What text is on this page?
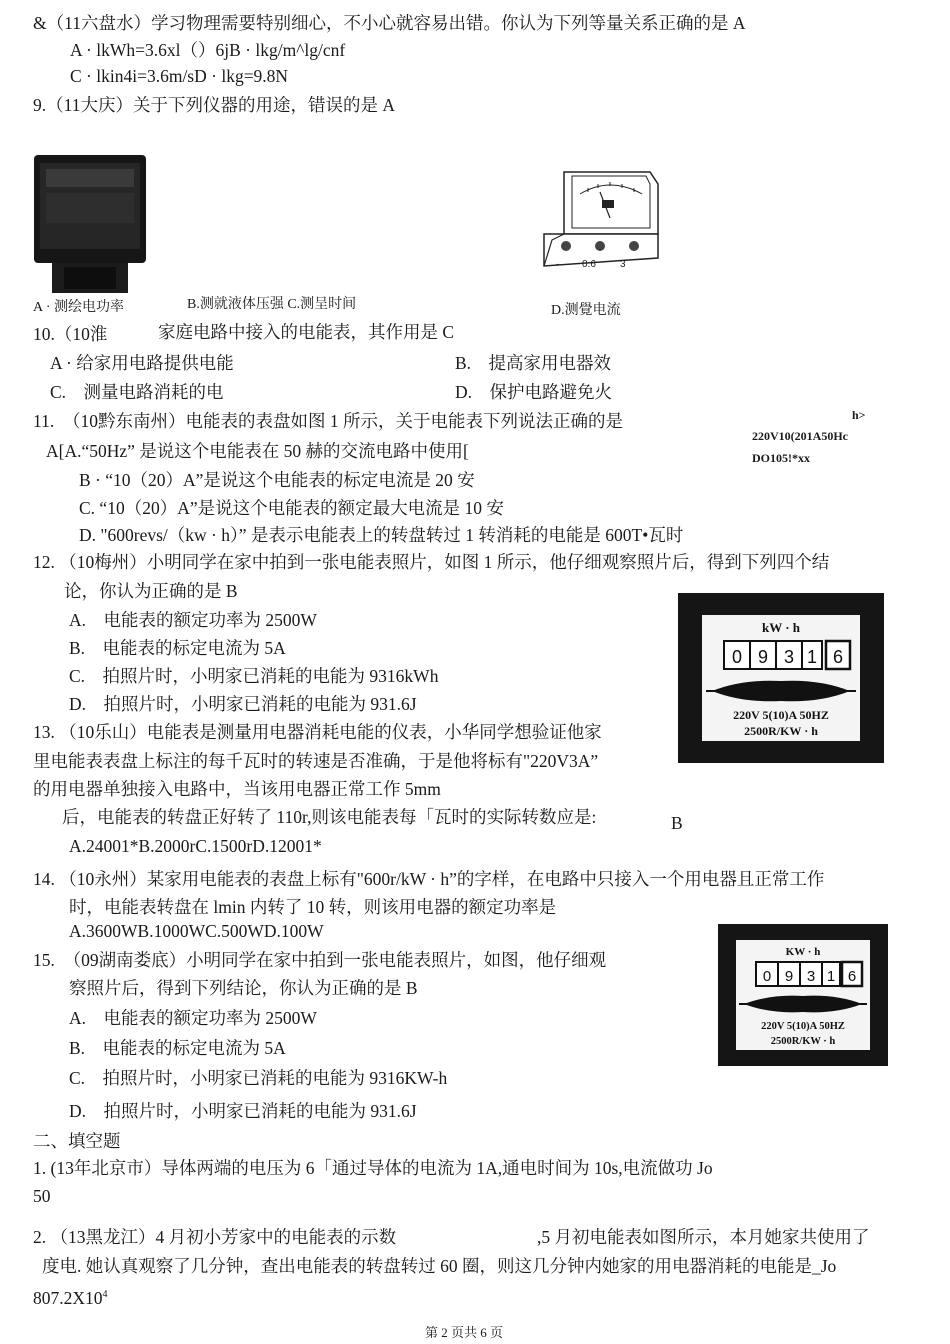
&（11六盘水）学习物理需要特别细心，不小心就容易出错。你认为下列等量关系正确的是 A
A · lkWh=3.6xl（）6jB · lkg/m^lg/cnf
C · lkin4i=3.6m/sD · lkg=9.8N
9.（11大庆）关于下列仪器的用途，错误的是 A
A · 测绘电功率	B.测就液体压强 C.测呈时间
- 0.6 3
D.测覺电流
10.（10淮	家庭电路中接入的电能表，其作用是 C
A · 给家用电路提供电能	B.　提高家用电器效
C.　测量电路消耗的电	D.　保护电路避免火
11.　（10黔东南州）电能表的表盘如图 1 所示，关于电能表下列说法正确的是	h>
220V10(201A50Hc
DO105!*xx
A[A.“50Hz” 是说这个电能表在 50 赫的交流电路中使用[
B · “10（20）A”是说这个电能表的标定电流是 20 安
C. “10（20）A”是说这个电能表的额定最大电流是 10 安
D. "600revs/（kw · h）” 是表示电能表上的转盘转过 1 转消耗的电能是 600T•瓦时
12. （10梅州）小明同学在家中拍到一张电能表照片，如图 1 所示，他仔细观察照片后，得到下列四个结
论，你认为正确的是 B
A.　电能表的额定功率为 2500W
B.　电能表的标定电流为 5A
C.　拍照片时，小明家已消耗的电能为 9316kWh
D.　拍照片时，小明家已消耗的电能为 931.6J
kW · h
0 9 3 1 6
220V 5(10)A 50HZ
2500R/KW · h
13. （10乐山）电能表是测量用电器消耗电能的仪表，小华同学想验证他家
里电能表表盘上标注的每千瓦时的转速是否准确，于是他将标有"220V3A”
的用电器单独接入电路中，当该用电器正常工作 5mm
后，电能表的转盘正好转了 110r,则该电能表每「瓦时的实际转数应是:	B
A.24001*B.2000rC.1500rD.12001*
14. （10永州）某家用电能表的表盘上标有"600r/kW · h”的字样，在电路中只接入一个用电器且正常工作
时，电能表转盘在 lmin 内转了 10 转，则该用电器的额定功率是
A.3600WB.1000WC.500WD.100W
15.　（09湖南娄底）小明同学在家中拍到一张电能表照片，如图，他仔细观
察照片后，得到下列结论，你认为正确的是 B
A.　电能表的额定功率为 2500W
B.　电能表的标定电流为 5A
C.　拍照片时，小明家已消耗的电能为 9316KW-h
D.　拍照片时，小明家已消耗的电能为 931.6J
KW · h
0 9 3 1 6
220V 5(10)A 50HZ
2500R/KW · h
二、填空题
1. (13年北京市）导体两端的电压为 6「通过导体的电流为 1A,通电时间为 10s,电流做功 Jo
50
2. （13黑龙江）4 月初小芳家中的电能表的示数	,5 月初电能表如图所示，本月她家共使用了
度电. 她认真观察了几分钟，查出电能表的转盘转过 60 圈，则这几分钟内她家的用电器消耗的电能是_Jo
$807.2X10^4$
第 2 页共 6 页
